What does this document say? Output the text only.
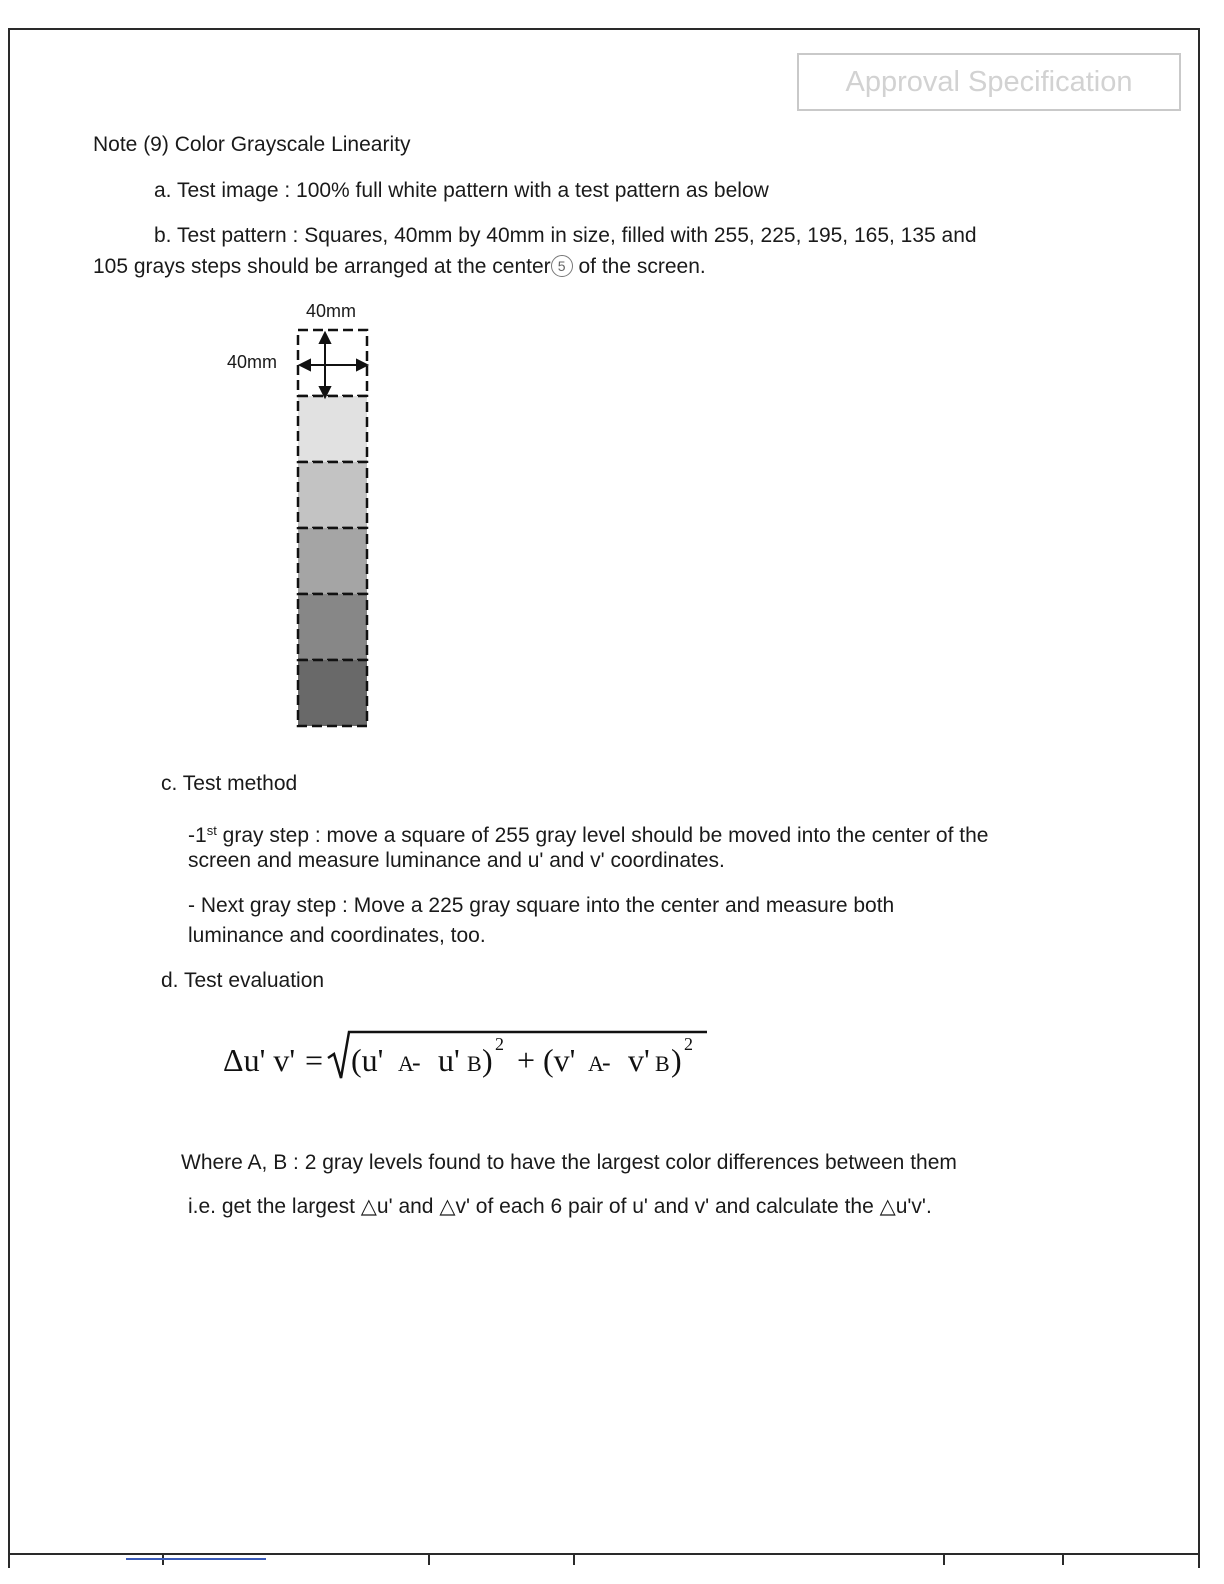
Approval Specification
Note (9) Color Grayscale Linearity
a. Test image : 100% full white pattern with a test pattern as below
b. Test pattern : Squares, 40mm by 40mm in size, filled with 255, 225, 195, 165, 135 and
105 grays steps should be arranged at the center 5 of the screen.
40mm
40mm
c. Test method
-1st gray step : move a square of 255 gray level should be moved into the center of the
screen and measure luminance and u' and v' coordinates.
- Next gray step : Move a 225 gray square into the center and measure both
luminance and coordinates, too.
d. Test evaluation
Δu' v' = (u' A
- u' B ) 2 + (v' A
- v' B ) 2
Where A, B : 2 gray levels found to have the largest color differences between them
i.e. get the largest △u' and △v' of each 6 pair of u' and v' and calculate the △u'v'.
